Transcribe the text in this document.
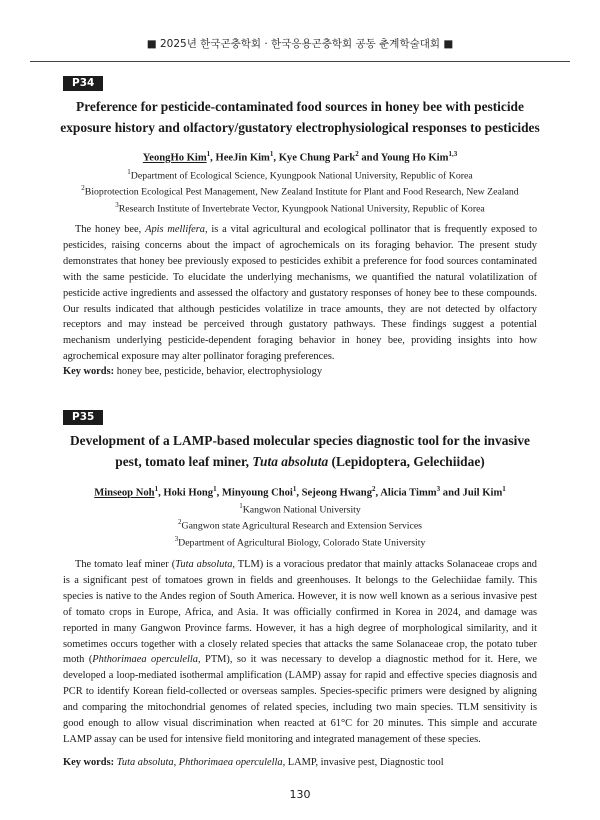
■ 2025년 한국곤충학회 · 한국응용곤충학회 공동 춘계학술대회 ■
P34
Preference for pesticide-contaminated food sources in honey bee with pesticide
exposure history and olfactory/gustatory electrophysiological responses to pesticides
YeongHo Kim$^1$, HeeJin Kim$^1$, Kye Chung Park$^2$ and Young Ho Kim$^{1,3}$
$^1$Department of Ecological Science, Kyungpook National University, Republic of Korea
$^2$Bioprotection Ecological Pest Management, New Zealand Institute for Plant and Food Research, New Zealand
$^3$Research Institute of Invertebrate Vector, Kyungpook National University, Republic of Korea

The honey bee, Apis mellifera, is a vital agricultural and ecological pollinator that is frequently exposed to pesticides, raising concerns about the impact of agrochemicals on its foraging behavior. The present study demonstrates that honey bee previously exposed to pesticides exhibit a preference for food sources contaminated with the same pesticide. To elucidate the underlying mechanisms, we quantified the natural volatilization of pesticide active ingredients and assessed the olfactory and gustatory responses of honey bee to these compounds. Our results indicated that although pesticides volatilize in trace amounts, they are not detected by olfactory receptors and may instead be perceived through gustatory pathways. These findings suggest a potential mechanism underlying pesticide-dependent foraging behavior in honey bee, providing insights into how agrochemical exposure may alter pollinator foraging preferences.

Key words: honey bee, pesticide, behavior, electrophysiology
P35
Development of a LAMP-based molecular species diagnostic tool for the invasive
pest, tomato leaf miner, Tuta absoluta (Lepidoptera, Gelechiidae)
Minseop Noh$^1$, Hoki Hong$^1$, Minyoung Choi$^1$, Sejeong Hwang$^2$, Alicia Timm$^3$ and Juil Kim$^1$
$^1$Kangwon National University
$^2$Gangwon state Agricultural Research and Extension Services
$^3$Department of Agricultural Biology, Colorado State University

The tomato leaf miner (Tuta absoluta, TLM) is a voracious predator that mainly attacks Solanaceae crops and is a significant pest of tomatoes grown in fields and greenhouses. It belongs to the Gelechiidae family. This species is native to the Andes region of South America. However, it is now well known as a serious invasive pest of tomato crops in Europe, Africa, and Asia. It was officially confirmed in Korea in 2024, and damage was reported in many Gangwon Province farms. However, it has a high degree of morphological similarity, and it sometimes occurs together with a closely related species that attacks the same Solanaceae crop, the potato tuber moth (Phthorimaea operculella, PTM), so it was necessary to develop a diagnostic method for it. Here, we developed a loop-mediated isothermal amplification (LAMP) assay for rapid and effective species diagnosis and PCR to identify Korean field-collected or overseas samples. Species-specific primers were designed by aligning and comparing the mitochondrial genomes of related species, including two main species. TLM sensitivity is good enough to allow visual discrimination when reacted at 61°C for 20 minutes. This simple and accurate LAMP assay can be used for intensive field monitoring and integrated management of these species.

Key words: Tuta absoluta, Phthorimaea operculella, LAMP, invasive pest, Diagnostic tool
130
